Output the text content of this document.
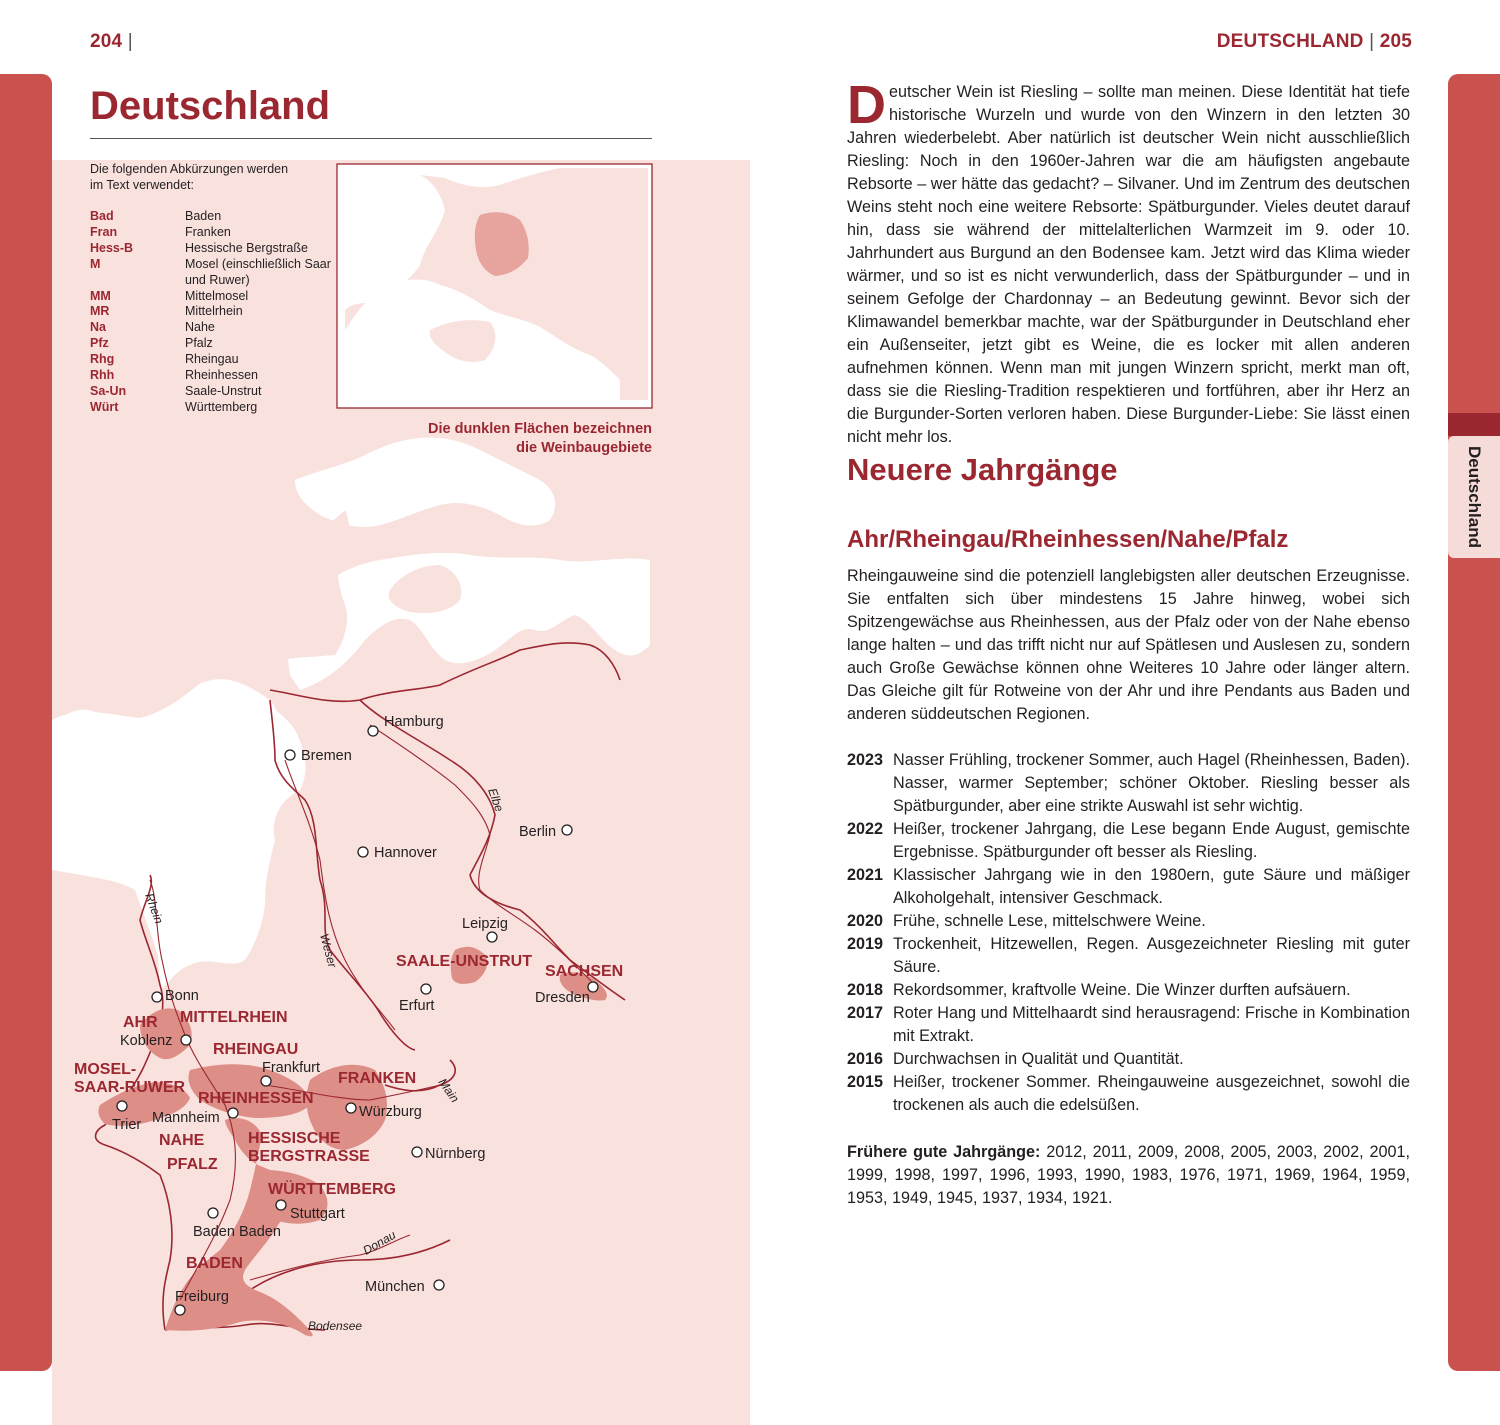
Deutschland
204 |	DEUTSCHLAND | 205
Hamburg
Bremen
Berlin
Hannover
Leipzig
Erfurt	Dresden
Bonn
Koblenz
Frankfurt
Mannheim
Trier
Würzburg
Nürnberg
Stuttgart
Baden Baden
Freiburg
München
SAALE-UNSTRUT
SACHSEN
AHR MITTELRHEIN
RHEINGAU
MOSEL-
SAAR-RUWER
FRANKEN
RHEINHESSEN
NAHE
PFALZ
HESSISCHE
BERGSTRASSE
WÜRTTEMBERG
BADEN
Elbe
Rhein
Weser
Main
Donau
Bodensee
Deutschland
Die folgenden Abkürzungen werden im Text verwendet:
Bad	Baden
Fran	Franken
Hess-B	Hessische Bergstraße
M	Mosel (einschließlich Saar und Ruwer)
MM	Mittelmosel
MR	Mittelrhein
Na	Nahe
Pfz	Pfalz
Rhg	Rheingau
Rhh	Rheinhessen
Sa-Un	Saale-Unstrut
Würt	Württemberg
Die dunklen Flächen bezeichnen
die Weinbaugebiete
Deutscher Wein ist Riesling – sollte man meinen. Diese Identität hat tiefe historische Wurzeln und wurde von den Winzern in den letzten 30 Jahren wiederbelebt. Aber natürlich ist deutscher Wein nicht ausschließlich Riesling: Noch in den 1960er-Jahren war die am häufigsten angebaute Rebsorte – wer hätte das gedacht? – Silvaner. Und im Zentrum des deutschen Weins steht noch eine weitere Rebsorte: Spätburgunder. Vieles deutet darauf hin, dass sie während der mittelalterlichen Warmzeit im 9. oder 10. Jahrhundert aus Burgund an den Bodensee kam. Jetzt wird das Klima wieder wärmer, und so ist es nicht verwunderlich, dass der Spätburgunder – und in seinem Gefolge der Chardonnay – an Bedeutung gewinnt. Bevor sich der Klimawandel bemerkbar machte, war der Spätburgunder in Deutschland eher ein Außenseiter, jetzt gibt es Weine, die es locker mit allen anderen aufnehmen können. Wenn man mit jungen Winzern spricht, merkt man oft, dass sie die Riesling-Tradition respektieren und fortführen, aber ihr Herz an die Burgunder-Sorten verloren haben. Diese Burgunder-Liebe: Sie lässt einen nicht mehr los.
Neuere Jahrgänge
Ahr/Rheingau/Rheinhessen/Nahe/Pfalz
Rheingauweine sind die potenziell langlebigsten aller deutschen Erzeugnisse. Sie entfalten sich über mindestens 15 Jahre hinweg, wobei sich Spitzengewächse aus Rheinhessen, aus der Pfalz oder von der Nahe ebenso lange halten – und das trifft nicht nur auf Spätlesen und Auslesen zu, sondern auch Große Gewächse können ohne Weiteres 10 Jahre oder länger altern. Das Gleiche gilt für Rotweine von der Ahr und ihre Pendants aus Baden und anderen süddeutschen Regionen.
2023 Nasser Frühling, trockener Sommer, auch Hagel (Rheinhessen, Baden). Nasser, warmer September; schöner Oktober. Riesling besser als Spätburgunder, aber eine strikte Auswahl ist sehr wichtig.
2022 Heißer, trockener Jahrgang, die Lese begann Ende August, gemischte Ergebnisse. Spätburgunder oft besser als Riesling.
2021 Klassischer Jahrgang wie in den 1980ern, gute Säure und mäßiger Alkoholgehalt, intensiver Geschmack.
2020 Frühe, schnelle Lese, mittelschwere Weine.
2019 Trockenheit, Hitzewellen, Regen. Ausgezeichneter Riesling mit guter Säure.
2018 Rekordsommer, kraftvolle Weine. Die Winzer durften aufsäuern.
2017 Roter Hang und Mittelhaardt sind herausragend: Frische in Kombination mit Extrakt.
2016 Durchwachsen in Qualität und Quantität.
2015 Heißer, trockener Sommer. Rheingauweine ausgezeichnet, sowohl die trockenen als auch die edelsüßen.
Frühere gute Jahrgänge: 2012, 2011, 2009, 2008, 2005, 2003, 2002, 2001, 1999, 1998, 1997, 1996, 1993, 1990, 1983, 1976, 1971, 1969, 1964, 1959, 1953, 1949, 1945, 1937, 1934, 1921.
